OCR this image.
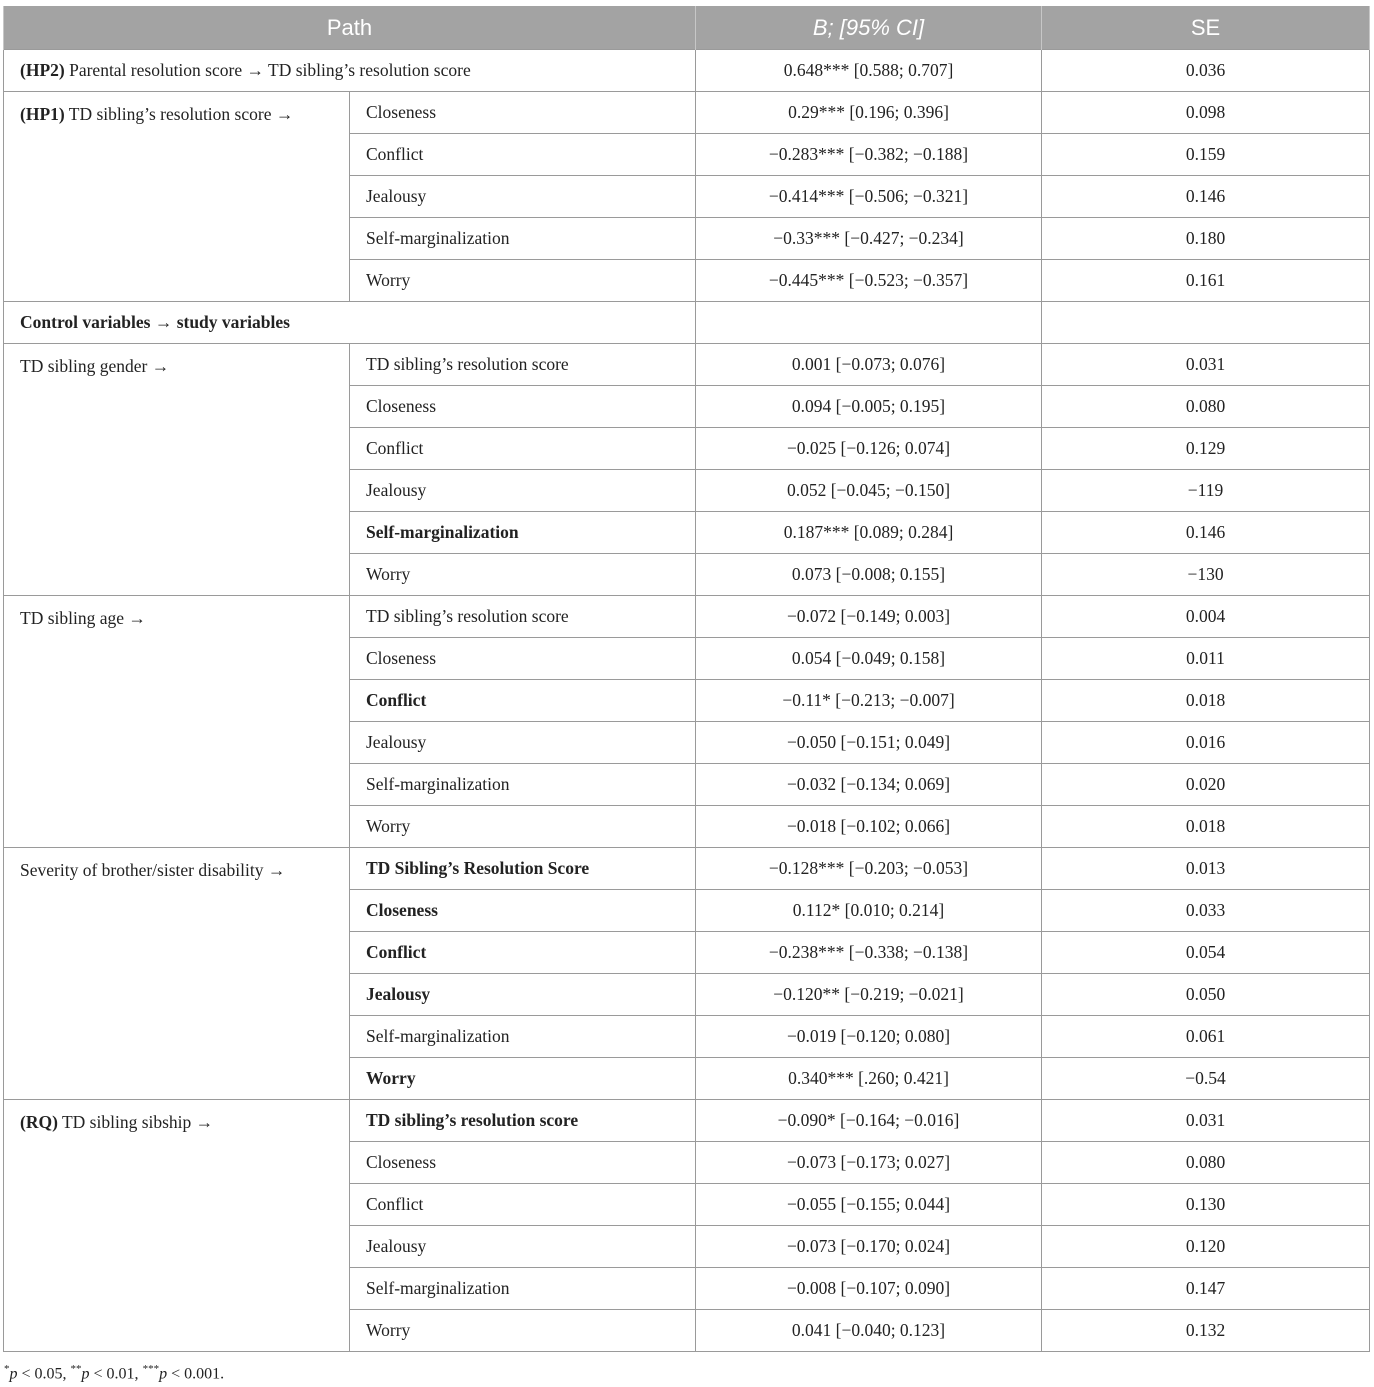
Path		B; [95% CI]	SE
(HP2) Parental resolution score → TD sibling’s resolution score		0.648*** [0.588; 0.707]	0.036
(HP1) TD sibling’s resolution score →	Closeness	0.29*** [0.196; 0.396]	0.098
	Conflict	−0.283*** [−0.382; −0.188]	0.159
	Jealousy	−0.414*** [−0.506; −0.321]	0.146
	Self-marginalization	−0.33*** [−0.427; −0.234]	0.180
	Worry	−0.445*** [−0.523; −0.357]	0.161
Control variables → study variables			
TD sibling gender →	TD sibling’s resolution score	0.001 [−0.073; 0.076]	0.031
	Closeness	0.094 [−0.005; 0.195]	0.080
	Conflict	−0.025 [−0.126; 0.074]	0.129
	Jealousy	0.052 [−0.045; −0.150]	−119
	Self-marginalization	0.187*** [0.089; 0.284]	0.146
	Worry	0.073 [−0.008; 0.155]	−130
TD sibling age →	TD sibling’s resolution score	−0.072 [−0.149; 0.003]	0.004
	Closeness	0.054 [−0.049; 0.158]	0.011
	Conflict	−0.11* [−0.213; −0.007]	0.018
	Jealousy	−0.050 [−0.151; 0.049]	0.016
	Self-marginalization	−0.032 [−0.134; 0.069]	0.020
	Worry	−0.018 [−0.102; 0.066]	0.018
Severity of brother/sister disability →	TD Sibling’s Resolution Score	−0.128*** [−0.203; −0.053]	0.013
	Closeness	0.112* [0.010; 0.214]	0.033
	Conflict	−0.238*** [−0.338; −0.138]	0.054
	Jealousy	−0.120** [−0.219; −0.021]	0.050
	Self-marginalization	−0.019 [−0.120; 0.080]	0.061
	Worry	0.340*** [.260; 0.421]	−0.54
(RQ) TD sibling sibship →	TD sibling’s resolution score	−0.090* [−0.164; −0.016]	0.031
	Closeness	−0.073 [−0.173; 0.027]	0.080
	Conflict	−0.055 [−0.155; 0.044]	0.130
	Jealousy	−0.073 [−0.170; 0.024]	0.120
	Self-marginalization	−0.008 [−0.107; 0.090]	0.147
	Worry	0.041 [−0.040; 0.123]	0.132
*p < 0.05, **p < 0.01, ***p < 0.001.
